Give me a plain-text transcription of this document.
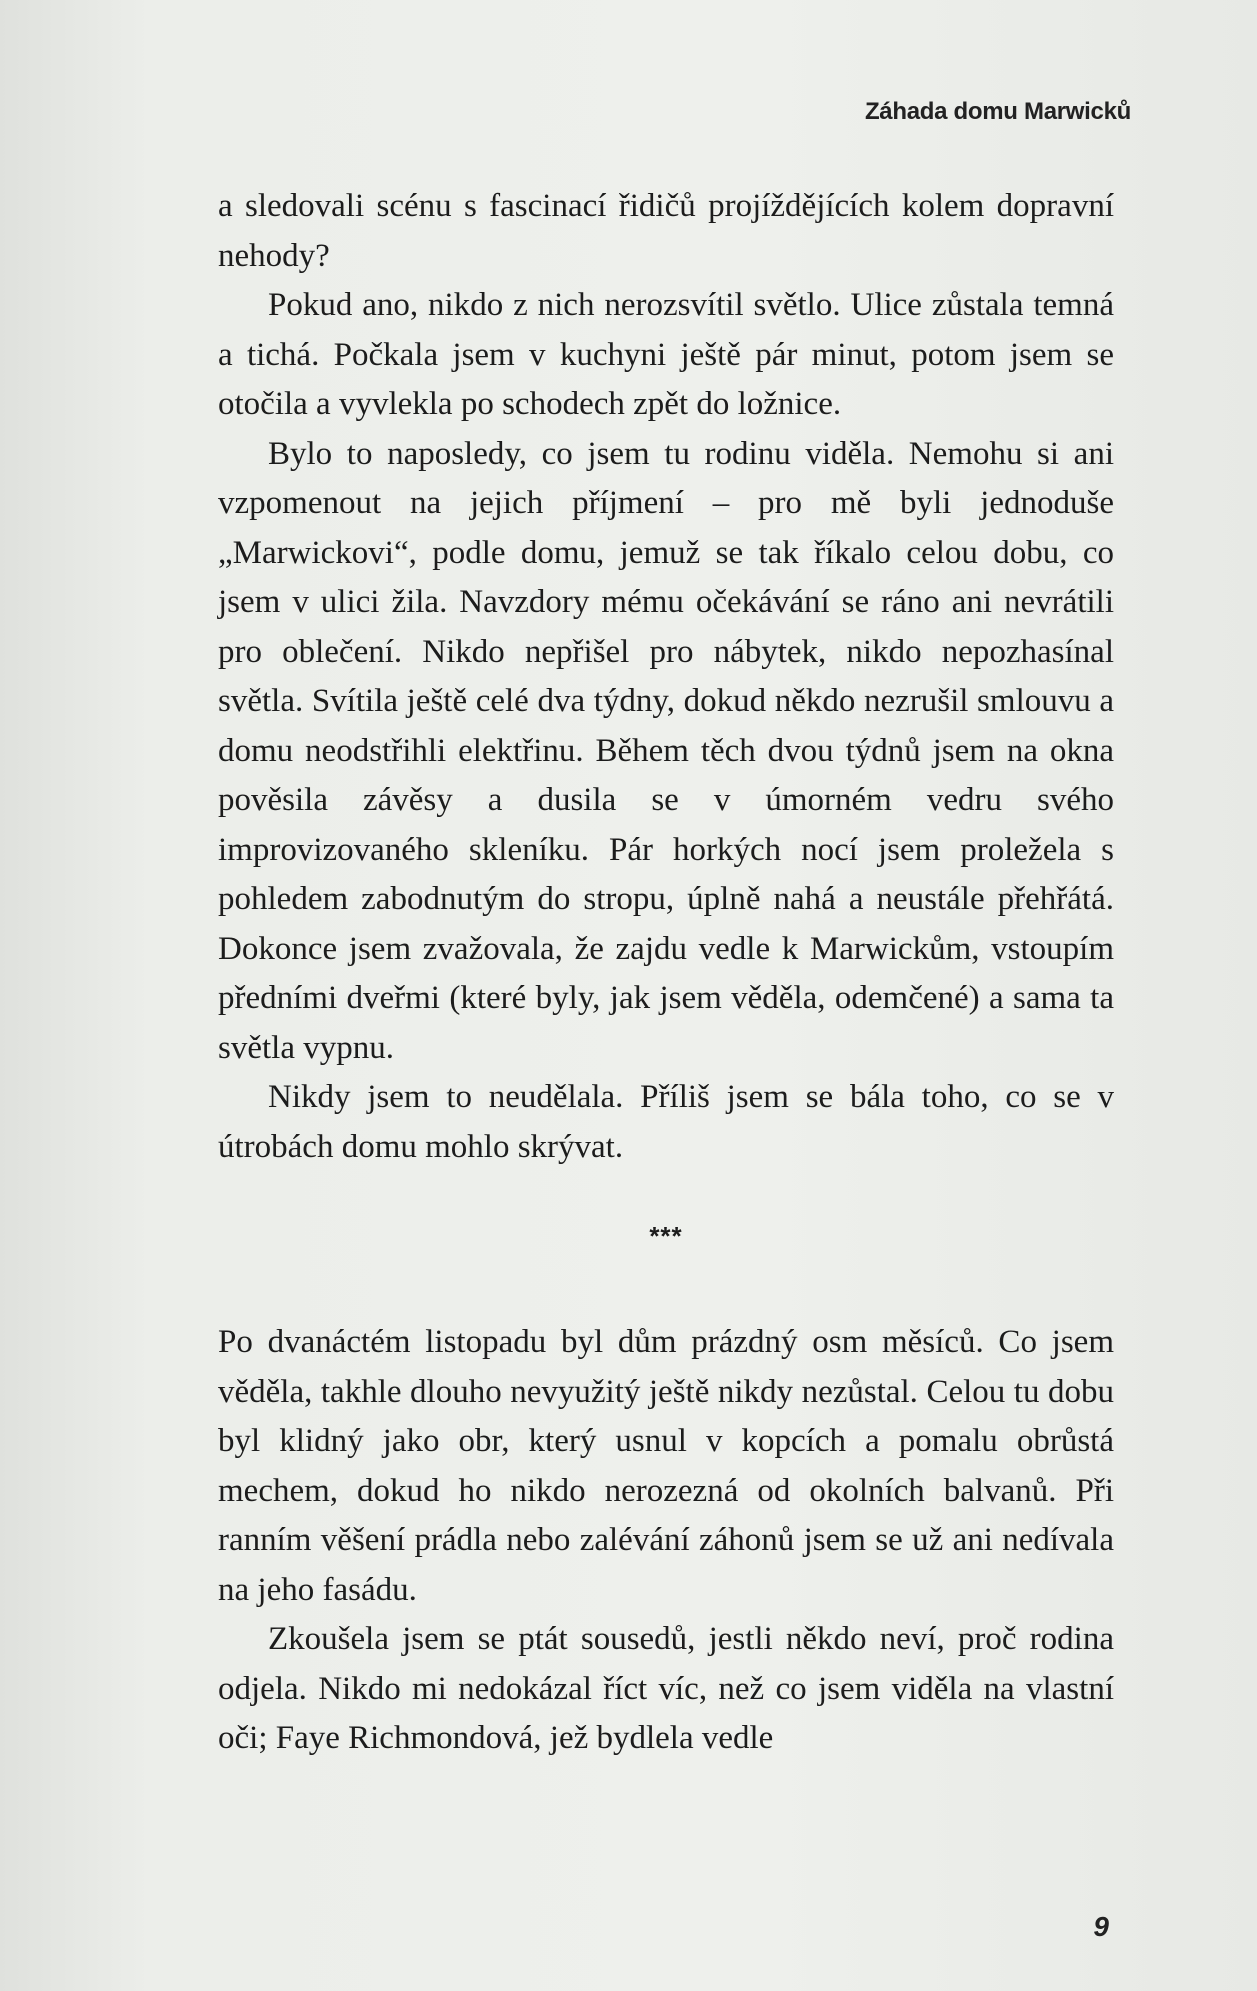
Záhada domu Marwicků

a sledovali scénu s fascinací řidičů projíždějících kolem dopravní nehody?

Pokud ano, nikdo z nich nerozsvítil světlo. Ulice zůstala temná a tichá. Počkala jsem v kuchyni ještě pár minut, potom jsem se otočila a vyvlekla po schodech zpět do ložnice.

Bylo to naposledy, co jsem tu rodinu viděla. Nemohu si ani vzpomenout na jejich příjmení – pro mě byli jednoduše „Marwickovi“, podle domu, jemuž se tak říkalo celou dobu, co jsem v ulici žila. Navzdory mému očekávání se ráno ani nevrátili pro oblečení. Nikdo nepřišel pro nábytek, nikdo nepozhasínal světla. Svítila ještě celé dva týdny, dokud někdo nezrušil smlouvu a domu neodstřihli elektřinu. Během těch dvou týdnů jsem na okna pověsila závěsy a dusila se v úmorném vedru svého improvizovaného skleníku. Pár horkých nocí jsem proležela s pohledem zabodnutým do stropu, úplně nahá a neustále přehřátá. Dokonce jsem zvažovala, že zajdu vedle k Marwickům, vstoupím předními dveřmi (které byly, jak jsem věděla, odemčené) a sama ta světla vypnu.

Nikdy jsem to neudělala. Příliš jsem se bála toho, co se v útrobách domu mohlo skrývat.

***

Po dvanáctém listopadu byl dům prázdný osm měsíců. Co jsem věděla, takhle dlouho nevyužitý ještě nikdy nezůstal. Celou tu dobu byl klidný jako obr, který usnul v kopcích a pomalu obrůstá mechem, dokud ho nikdo nerozezná od okolních balvanů. Při ranním věšení prádla nebo zalévání záhonů jsem se už ani nedívala na jeho fasádu.

Zkoušela jsem se ptát sousedů, jestli někdo neví, proč rodina odjela. Nikdo mi nedokázal říct víc, než co jsem viděla na vlastní oči; Faye Richmondová, jež bydlela vedle

9
